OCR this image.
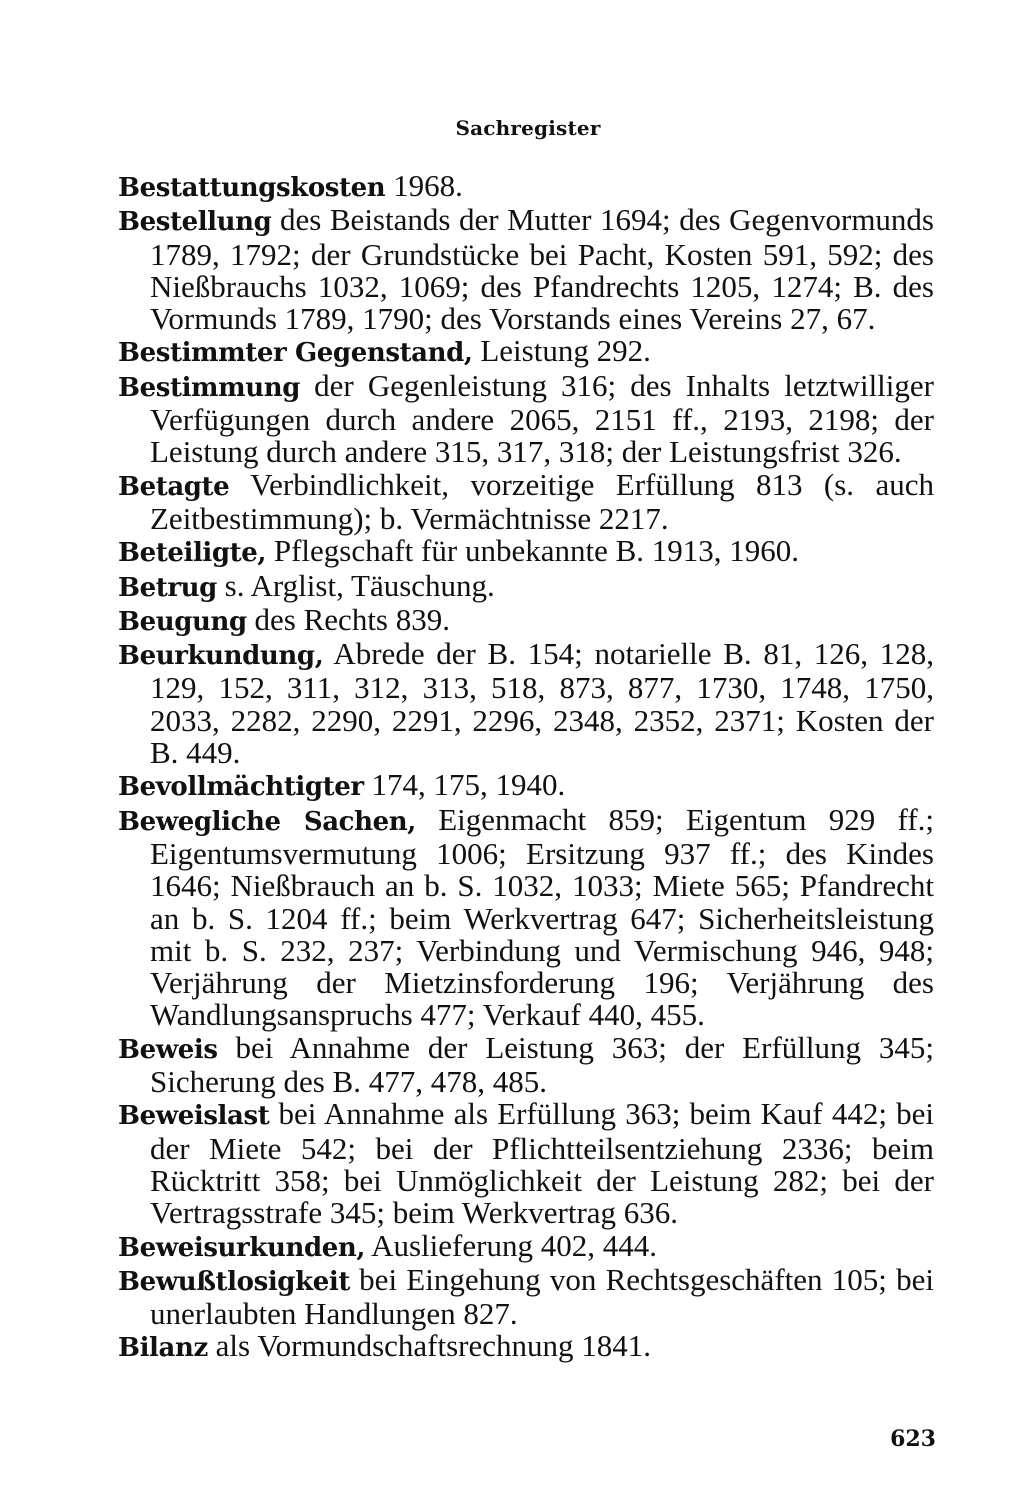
Sachregister

Bestattungskosten 1968.

Bestellung des Beistands der Mutter 1694; des Gegenvormunds 1789, 1792; der Grundstücke bei Pacht, Kosten 591, 592; des Nießbrauchs 1032, 1069; des Pfandrechts 1205, 1274; B. des Vormunds 1789, 1790; des Vorstands eines Vereins 27, 67.

Bestimmter Gegenstand, Leistung 292.

Bestimmung der Gegenleistung 316; des Inhalts letztwilliger Verfügungen durch andere 2065, 2151 ff., 2193, 2198; der Leistung durch andere 315, 317, 318; der Leistungsfrist 326.

Betagte Verbindlichkeit, vorzeitige Erfüllung 813 (s. auch Zeitbestimmung); b. Vermächtnisse 2217.

Beteiligte, Pflegschaft für unbekannte B. 1913, 1960.

Betrug s. Arglist, Täuschung.

Beugung des Rechts 839.

Beurkundung, Abrede der B. 154; notarielle B. 81, 126, 128, 129, 152, 311, 312, 313, 518, 873, 877, 1730, 1748, 1750, 2033, 2282, 2290, 2291, 2296, 2348, 2352, 2371; Kosten der B. 449.

Bevollmächtigter 174, 175, 1940.

Bewegliche Sachen, Eigenmacht 859; Eigentum 929 ff.; Eigentumsvermutung 1006; Ersitzung 937 ff.; des Kindes 1646; Nießbrauch an b. S. 1032, 1033; Miete 565; Pfandrecht an b. S. 1204 ff.; beim Werkvertrag 647; Sicherheitsleistung mit b. S. 232, 237; Verbindung und Vermischung 946, 948; Verjährung der Mietzinsforderung 196; Verjährung des Wandlungsanspruchs 477; Verkauf 440, 455.

Beweis bei Annahme der Leistung 363; der Erfüllung 345; Sicherung des B. 477, 478, 485.

Beweislast bei Annahme als Erfüllung 363; beim Kauf 442; bei der Miete 542; bei der Pflichtteilsentziehung 2336; beim Rücktritt 358; bei Unmöglichkeit der Leistung 282; bei der Vertragsstrafe 345; beim Werkvertrag 636.

Beweisurkunden, Auslieferung 402, 444.

Bewußtlosigkeit bei Eingehung von Rechtsgeschäften 105; bei unerlaubten Handlungen 827.

Bilanz als Vormundschaftsrechnung 1841.

623
